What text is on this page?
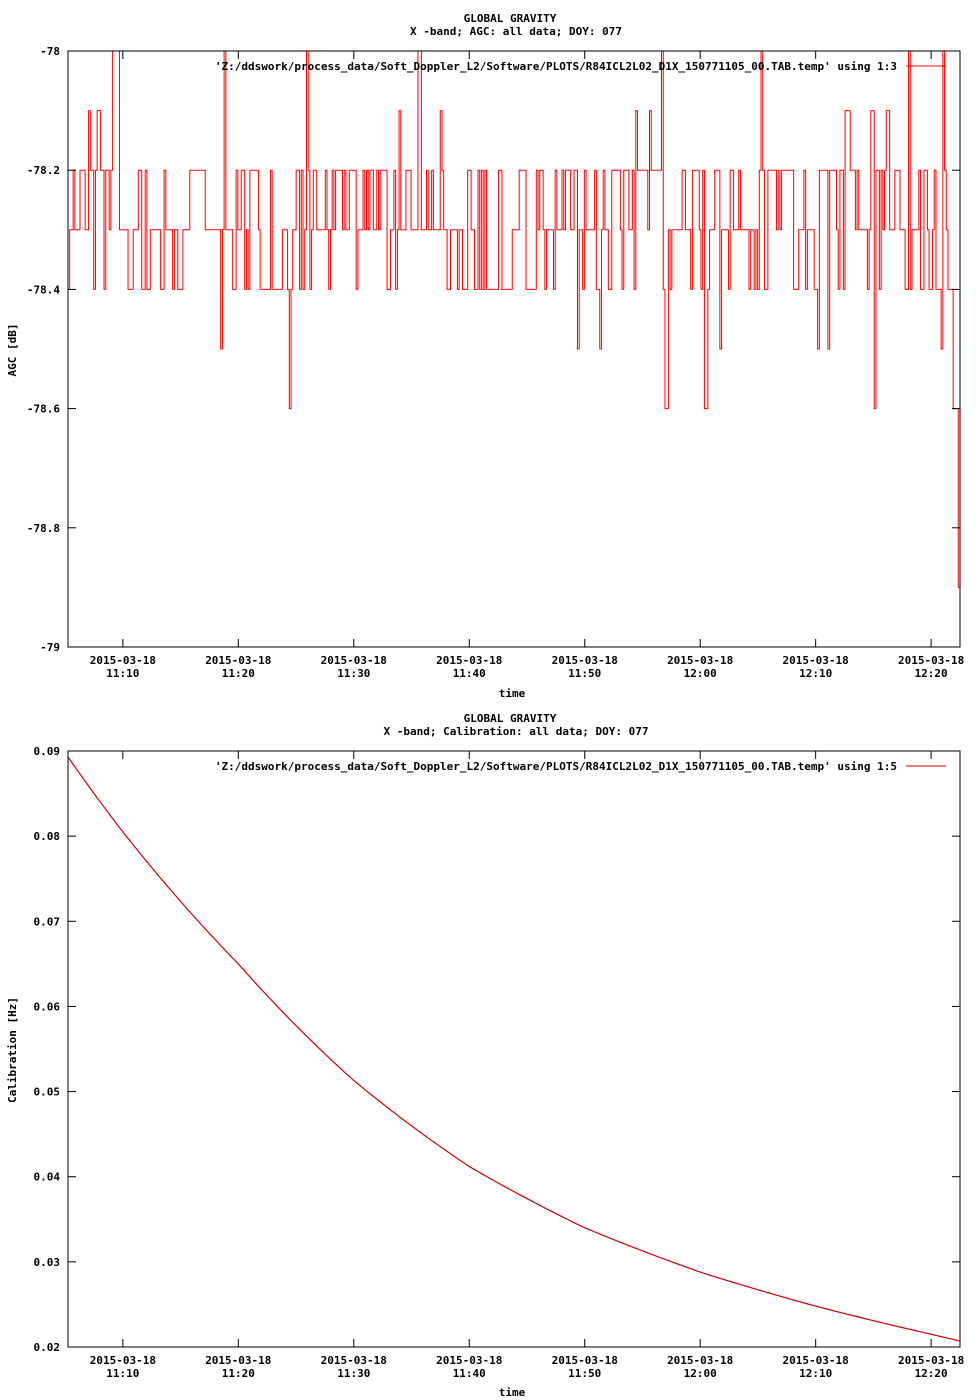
GLOBAL GRAVITY
X -band; AGC: all data; DOY: 077
-78
-78.2
-78.4
-78.6
-78.8
-79
2015-03-18
11:10
2015-03-18
11:20
2015-03-18
11:30
2015-03-18
11:40
2015-03-18
11:50
2015-03-18
12:00
2015-03-18
12:10
2015-03-18
12:20
AGC [dB]
time
'Z:/ddswork/process_data/Soft_Doppler_L2/Software/PLOTS/R84ICL2L02_D1X_150771105_00.TAB.temp' using 1:3
GLOBAL GRAVITY
X -band; Calibration: all data; DOY: 077
0.09
0.08
0.07
0.06
0.05
0.04
0.03
0.02
2015-03-18
11:10
2015-03-18
11:20
2015-03-18
11:30
2015-03-18
11:40
2015-03-18
11:50
2015-03-18
12:00
2015-03-18
12:10
2015-03-18
12:20
Calibration [Hz]
time
'Z:/ddswork/process_data/Soft_Doppler_L2/Software/PLOTS/R84ICL2L02_D1X_150771105_00.TAB.temp' using 1:5
